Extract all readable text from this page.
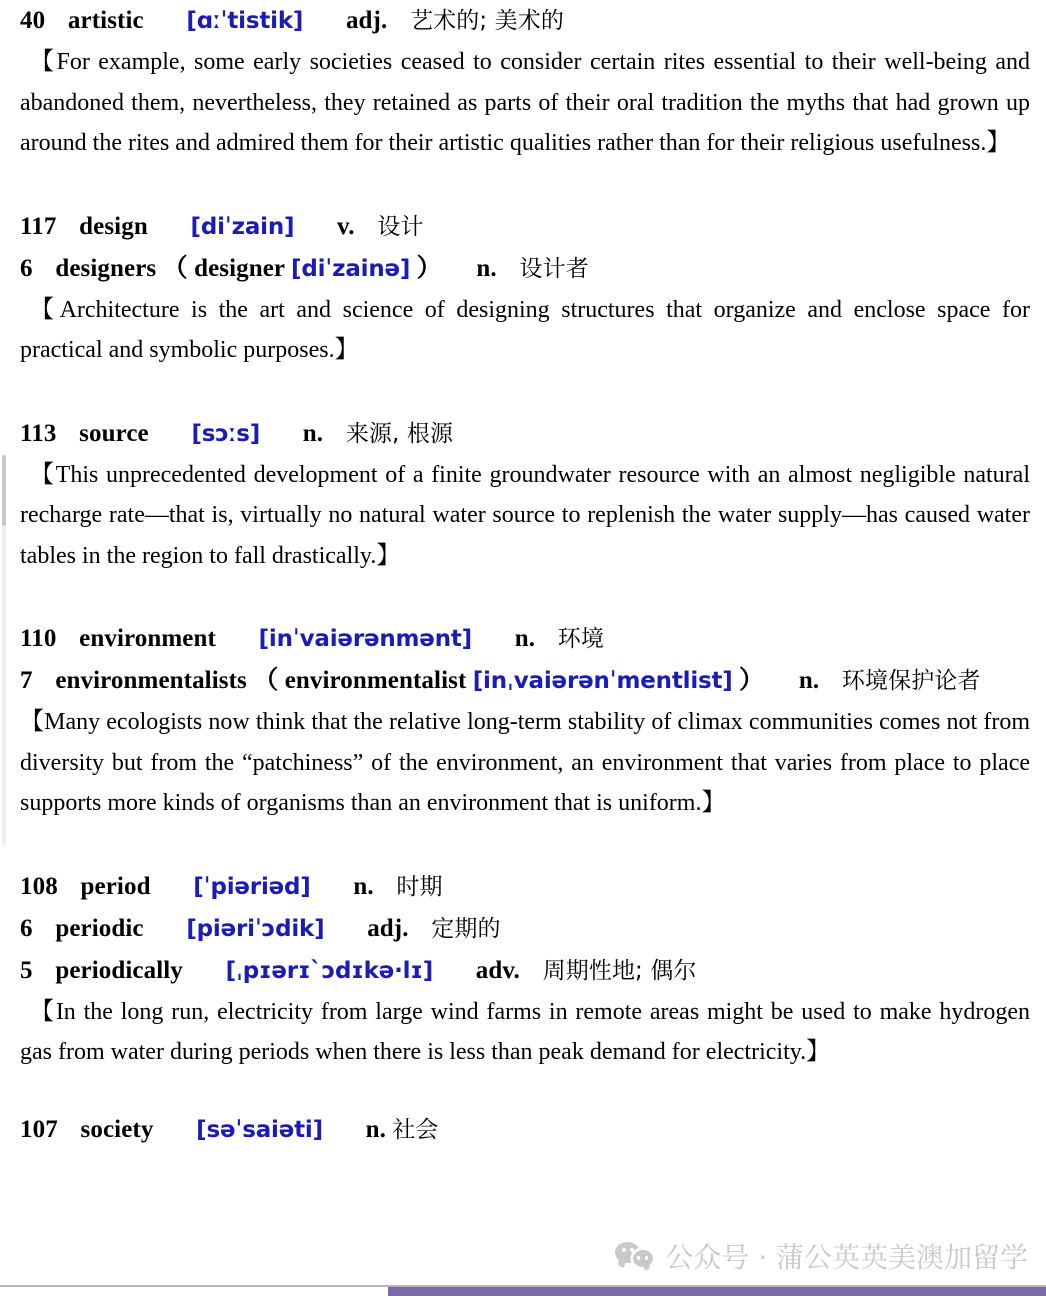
40 artistic [ɑːˈtistik] adj. 艺术的; 美术的

【For example, some early societies ceased to consider certain rites essential to their well-being and abandoned them, nevertheless, they retained as parts of their oral tradition the myths that had grown up around the rites and admired them for their artistic qualities rather than for their religious usefulness.】

117 design [diˈzain] v. 设计
6 designers （ designer [diˈzainə] ） n. 设计者

【Architecture is the art and science of designing structures that organize and enclose space for practical and symbolic purposes.】

113 source [sɔːs] n. 来源, 根源

【This unprecedented development of a finite groundwater resource with an almost negligible natural recharge rate—that is, virtually no natural water source to replenish the water supply—has caused water tables in the region to fall drastically.】

110 environment [inˈvaiərənmənt] n. 环境
7 environmentalists （ environmentalist [inˌvaiərənˈmentlist] ） n. 环境保护论者

【Many ecologists now think that the relative long-term stability of climax communities comes not from diversity but from the “patchiness” of the environment, an environment that varies from place to place supports more kinds of organisms than an environment that is uniform.】

108 period [ˈpiəriəd] n. 时期
6 periodic [piəriˈɔdik] adj. 定期的
5 periodically [ˌpɪərɪˋɔdɪkə·lɪ] adv. 周期性地; 偶尔

【In the long run, electricity from large wind farms in remote areas might be used to make hydrogen gas from water during periods when there is less than peak demand for electricity.】

107 society [səˈsaiəti] n. 社会
公众号 · 蒲公英英美澳加留学
